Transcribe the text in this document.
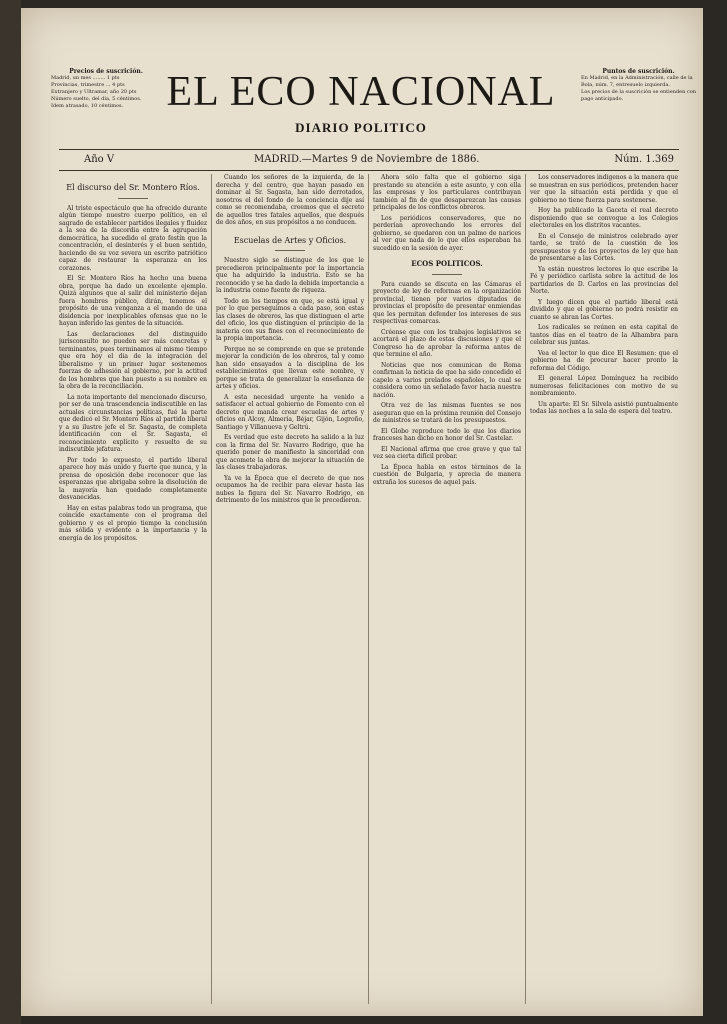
Precios de suscrición.
Madrid, un mes ........ 1 pts
Provincias, trimestre ... 4 pts
Extranjero y Ultramar, año 20 pts
Número suelto, del día, 5 céntimos.
Idem atrasado, 10 céntimos.	EL ECO NACIONAL
DIARIO POLITICO
Puntos de suscrición.
En Madrid, en la Administración, calle de la Bola, núm. 7, entresuelo izquierda.
Los precios de la suscrición se entienden con pago anticipado.
Año V	MADRID.—Martes 9 de Noviembre de 1886.	Núm. 1.369
El discurso del Sr. Montero Ríos.

Al triste espectáculo que ha ofrecido durante algún tiempo nuestro cuerpo político, en el sagrado de establecer partidos ilegales y fluidez a la sea de la discordia entre la agrupación democrática, ha sucedido el grato festín que la concentración, el desinterés y el buen sentido, haciendo de su voz severa un escrito patriótico capaz de restaurar la esperanza en los corazones.

El Sr. Montero Ríos ha hecho una buena obra, porque ha dado un excelente ejemplo. Quizá algunos que al salir del ministerio dejan fuera hombres público, dirán, tenemos el propósito de una venganza a el mando de una disidencia por inexplicables ofensas que no le hayan inferido las gentes de la situación.

Las declaraciones del distinguido jurisconsulto no pueden ser más concretas y terminantes, pues terminamos al mismo tiempo que era hoy el dia de la integración del liberalismo y un primer lugar sostenemos fuerzas de adhesión al gobierno, por la actitud de los hombres que han puesto a su nombre en la obra de la reconciliación.

La nota importante del mencionado discurso, por ser de una trascendencia indiscutible en las actuales circunstancias políticas, fué la parte que dedicó el Sr. Montero Ríos al partido liberal y a su ilustre jefe el Sr. Sagasta, de completa identificación con el Sr. Sagasta, el reconocimiento explícito y resuelto de su indiscutible jefatura.

Por todo lo expuesto, el partido liberal aparece hoy más unido y fuerte que nunca, y la prensa de oposición debe reconocer que las esperanzas que abrigaba sobre la disolución de la mayoría han quedado completamente desvanecidas.

Hay en estas palabras todo un programa, que coincide exactamente con el programa del gobierno y es el propio tiempo la conclusión más sólida y evidente a la importancia y la energía de los propósitos.

Cuando los señores de la izquierda, de la derecha y del centro, que hayan pasado en dominar al Sr. Sagasta, han sido derrotados, nosotros el del fondo de la conciencia dije así como se recomendaba, creemos que el secreto de aquellos tres fatales aquellos, que después de dos años, en sus propósitos a no conducen.

Escuelas de Artes y Oficios.

Nuestro siglo se distingue de los que le precedieron principalmente por la importancia que ha adquirido la industria. Esto se ha reconocido y se ha dado la debida importancia a la industria como fuente de riqueza.

Todo en los tiempos en que, se está igual y por lo que perseguimos a cada paso, son estas las clases de obreros, las que distinguen el arte del oficio, los que distinguen el principio de la materia con sus fines con el reconocimiento de la propia importancia.

Porque no se comprende en que se pretende mejorar la condición de los obreros, tal y como han sido ensayados a la disciplina de los establecimientos que llevan este nombre, y porque se trata de generalizar la enseñanza de artes y oficios.

A esta necesidad urgente ha venido a satisfacer el actual gobierno de Fomento con el decreto que manda crear escuelas de artes y oficios en Alcoy, Almería, Béjar, Gijón, Logroño, Santiago y Villanueva y Geltrú.

Es verdad que este decreto ha salido a la luz con la firma del Sr. Navarro Rodrigo, que ha querido poner de manifiesto la sinceridad con que acomete la obra de mejorar la situación de las clases trabajadoras.

Ya ve la Época que el decreto de que nos ocupamos ha de recibir para elevar hasta las nubes la figura del Sr. Navarro Rodrigo, en detrimento de los ministros que le precedieron.

Ahora sólo falta que el gobierno siga prestando su atención a este asunto, y con ella las empresas y los particulares contribuyan también al fin de que desaparezcan las causas principales de los conflictos obreros.

Los periódicos conservadores, que no perderían aprovechando los errores del gobierno, se quedaron con un palmo de narices al ver que nada de lo que ellos esperaban ha sucedido en la sesión de ayer.

ECOS POLITICOS.

Para cuando se discuta en las Cámaras el proyecto de ley de reformas en la organización provincial, tienen por varios diputados de provincias el propósito de presentar enmiendas que les permitan defender los intereses de sus respectivas comarcas.

Créense que con los trabajos legislativos se acortará el plazo de estas discusiones y que el Congreso ha de aprobar la reforma antes de que termine el año.

Noticias que nos comunican de Roma confirman la noticia de que ha sido concedido el capelo a varios prelados españoles, lo cual se considera como un señalado favor hacia nuestra nación.

Otra vez de las mismas fuentes se nos aseguran que en la próxima reunión del Consejo de ministros se tratará de los presupuestos.

El Globo reproduce todo lo que los diarios franceses han dicho en honor del Sr. Castelar.

El Nacional afirma que cree grave y que tal vez sea cierta difícil probar.

La Época habla en estos términos de la cuestión de Bulgaria, y aprecia de manera extraña los sucesos de aquel país.

Los conservadores indígenos a la manera que se muestran en sus periódicos, pretenden hacer ver que la situación está perdida y que el gobierno no tiene fuerza para sostenerse.

Hoy ha publicado la Gaceta el real decreto disponiendo que se convoque a los Colegios electorales en los distritos vacantes.

En el Consejo de ministros celebrado ayer tarde, se trató de la cuestión de los presupuestos y de los proyectos de ley que han de presentarse a las Cortes.

Ya están nuestros lectores lo que escribe la Fé y periódico carlista sobre la actitud de los partidarios de D. Carlos en las provincias del Norte.

Y luego dicen que el partido liberal está dividido y que el gobierno no podrá resistir en cuanto se abran las Cortes.

Los radicales se reúnen en esta capital de tantos días en el teatro de la Alhambra para celebrar sus juntas.

Vea el lector lo que dice El Resumen: que el gobierno ha de procurar hacer pronto la reforma del Código.

El general López Domínguez ha recibido numerosas felicitaciones con motivo de su nombramiento.

Un aparte: El Sr. Silvela asistió puntualmente todas las noches a la sala de espera del teatro.
